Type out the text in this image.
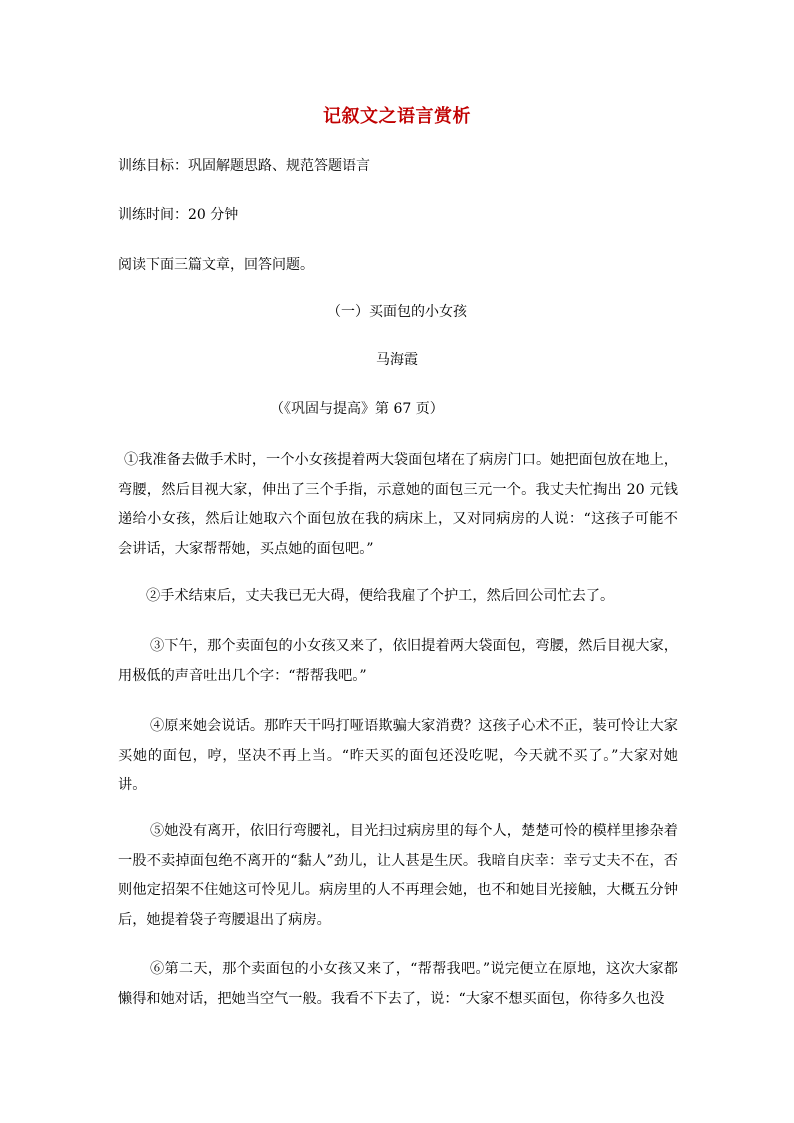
记叙文之语言赏析
训练目标：巩固解题思路、规范答题语言
训练时间：20 分钟
阅读下面三篇文章，回答问题。
（一）买面包的小女孩
马海霞
（《巩固与提高》第 67 页）
①我准备去做手术时，一个小女孩提着两大袋面包堵在了病房门口。她把面包放在地上，弯腰，然后目视大家，伸出了三个手指，示意她的面包三元一个。我丈夫忙掏出 20 元钱递给小女孩，然后让她取六个面包放在我的病床上，又对同病房的人说：“这孩子可能不会讲话，大家帮帮她，买点她的面包吧。”
②手术结束后，丈夫我已无大碍，便给我雇了个护工，然后回公司忙去了。
③下午，那个卖面包的小女孩又来了，依旧提着两大袋面包，弯腰，然后目视大家，用极低的声音吐出几个字：“帮帮我吧。”
④原来她会说话。那昨天干吗打哑语欺骗大家消费？这孩子心术不正，装可怜让大家买她的面包，哼，坚决不再上当。“昨天买的面包还没吃呢，今天就不买了。”大家对她讲。
⑤她没有离开，依旧行弯腰礼，目光扫过病房里的每个人，楚楚可怜的模样里掺杂着一股不卖掉面包绝不离开的“黏人”劲儿，让人甚是生厌。我暗自庆幸：幸亏丈夫不在，否则他定招架不住她这可怜见儿。病房里的人不再理会她，也不和她目光接触，大概五分钟后，她提着袋子弯腰退出了病房。
⑥第二天，那个卖面包的小女孩又来了，“帮帮我吧。”说完便立在原地，这次大家都懒得和她对话，把她当空气一般。我看不下去了，说：“大家不想买面包，你待多久也没
